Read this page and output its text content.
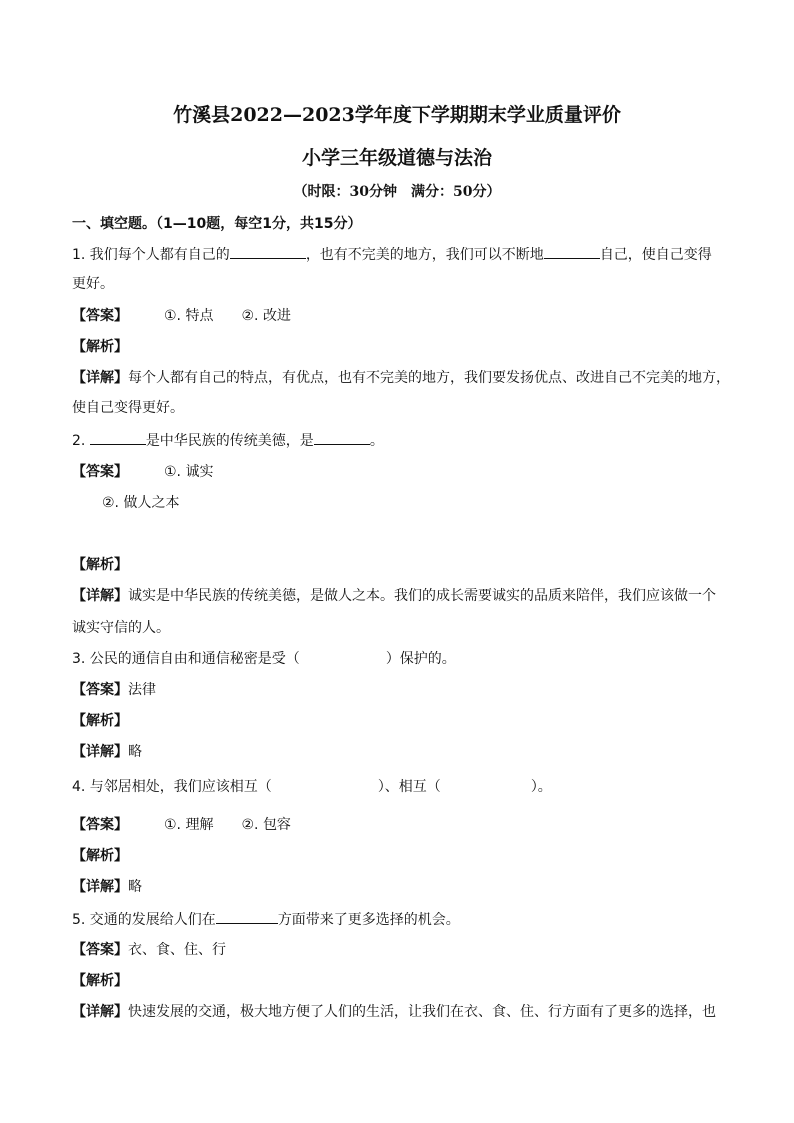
竹溪县2022—2023学年度下学期期末学业质量评价
小学三年级道德与法治
（时限：30分钟　满分：50分）
一、填空题。（1—10题，每空1分，共15分）
1. 我们每个人都有自己的	，也有不完美的地方，我们可以不断地	自己，使自己变得
更好。
【答案】	①. 特点 ②. 改进
【解析】
【详解】每个人都有自己的特点，有优点，也有不完美的地方，我们要发扬优点、改进自己不完美的地方，
使自己变得更好。
2.	是中华民族的传统美德，是	。
【答案】	①. 诚实
②. 做人之本
【解析】
【详解】诚实是中华民族的传统美德，是做人之本。我们的成长需要诚实的品质来陪伴，我们应该做一个
诚实守信的人。
3. 公民的通信自由和通信秘密是受（	）保护的。
【答案】法律
【解析】
【详解】略
4. 与邻居相处，我们应该相互（	）、相互（	）。
【答案】	①. 理解 ②. 包容
【解析】
【详解】略
5. 交通的发展给人们在	方面带来了更多选择的机会。
【答案】衣、食、住、行
【解析】
【详解】快速发展的交通，极大地方便了人们的生活，让我们在衣、食、住、行方面有了更多的选择，也
